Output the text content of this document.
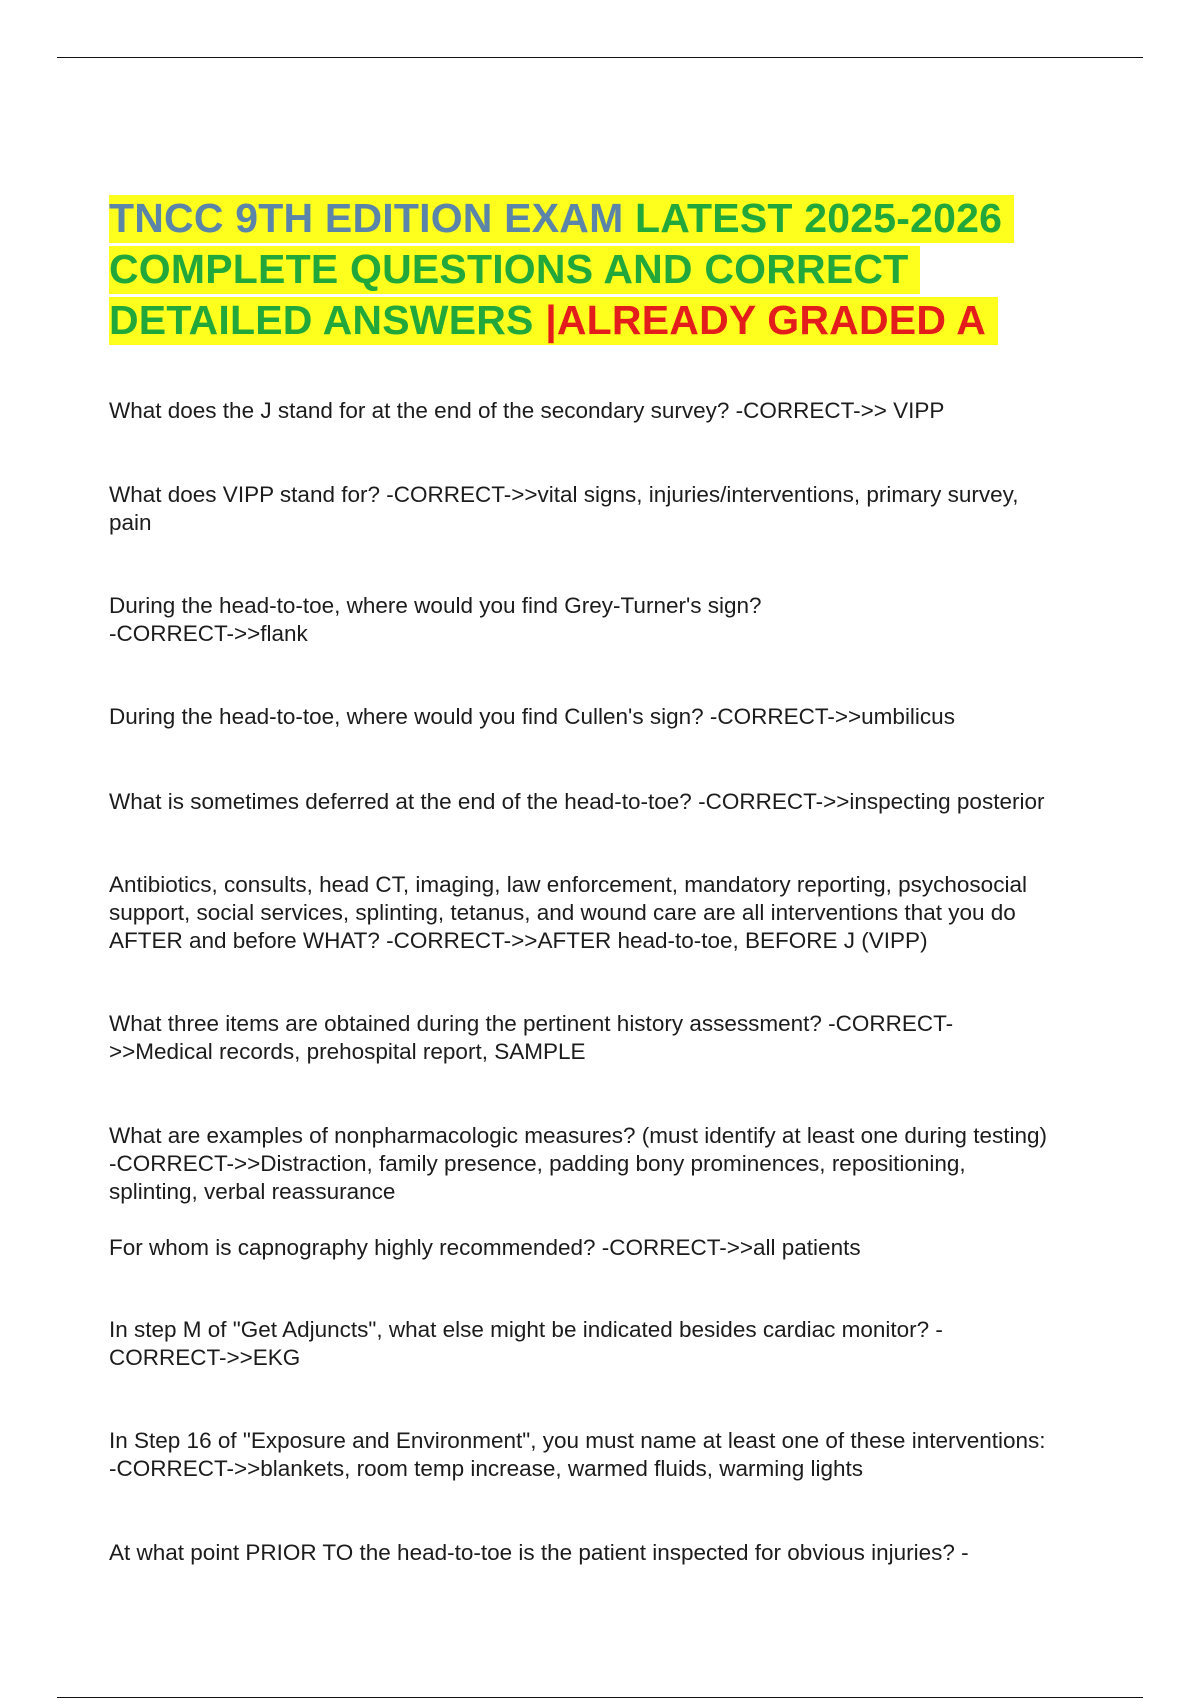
TNCC 9TH EDITION EXAM LATEST 2025-2026
COMPLETE QUESTIONS AND CORRECT
DETAILED ANSWERS |ALREADY GRADED A

What does the J stand for at the end of the secondary survey? -CORRECT->> VIPP

What does VIPP stand for? -CORRECT->>vital signs, injuries/interventions, primary survey,
pain

During the head-to-toe, where would you find Grey-Turner's sign?
-CORRECT->>flank

During the head-to-toe, where would you find Cullen's sign? -CORRECT->>umbilicus

What is sometimes deferred at the end of the head-to-toe? -CORRECT->>inspecting posterior

Antibiotics, consults, head CT, imaging, law enforcement, mandatory reporting, psychosocial
support, social services, splinting, tetanus, and wound care are all interventions that you do
AFTER and before WHAT? -CORRECT->>AFTER head-to-toe, BEFORE J (VIPP)

What three items are obtained during the pertinent history assessment? -CORRECT-
>>Medical records, prehospital report, SAMPLE

What are examples of nonpharmacologic measures? (must identify at least one during testing)
-CORRECT->>Distraction, family presence, padding bony prominences, repositioning,
splinting, verbal reassurance

For whom is capnography highly recommended? -CORRECT->>all patients

In step M of "Get Adjuncts", what else might be indicated besides cardiac monitor? -
CORRECT->>EKG

In Step 16 of "Exposure and Environment", you must name at least one of these interventions:
-CORRECT->>blankets, room temp increase, warmed fluids, warming lights

At what point PRIOR TO the head-to-toe is the patient inspected for obvious injuries? -
